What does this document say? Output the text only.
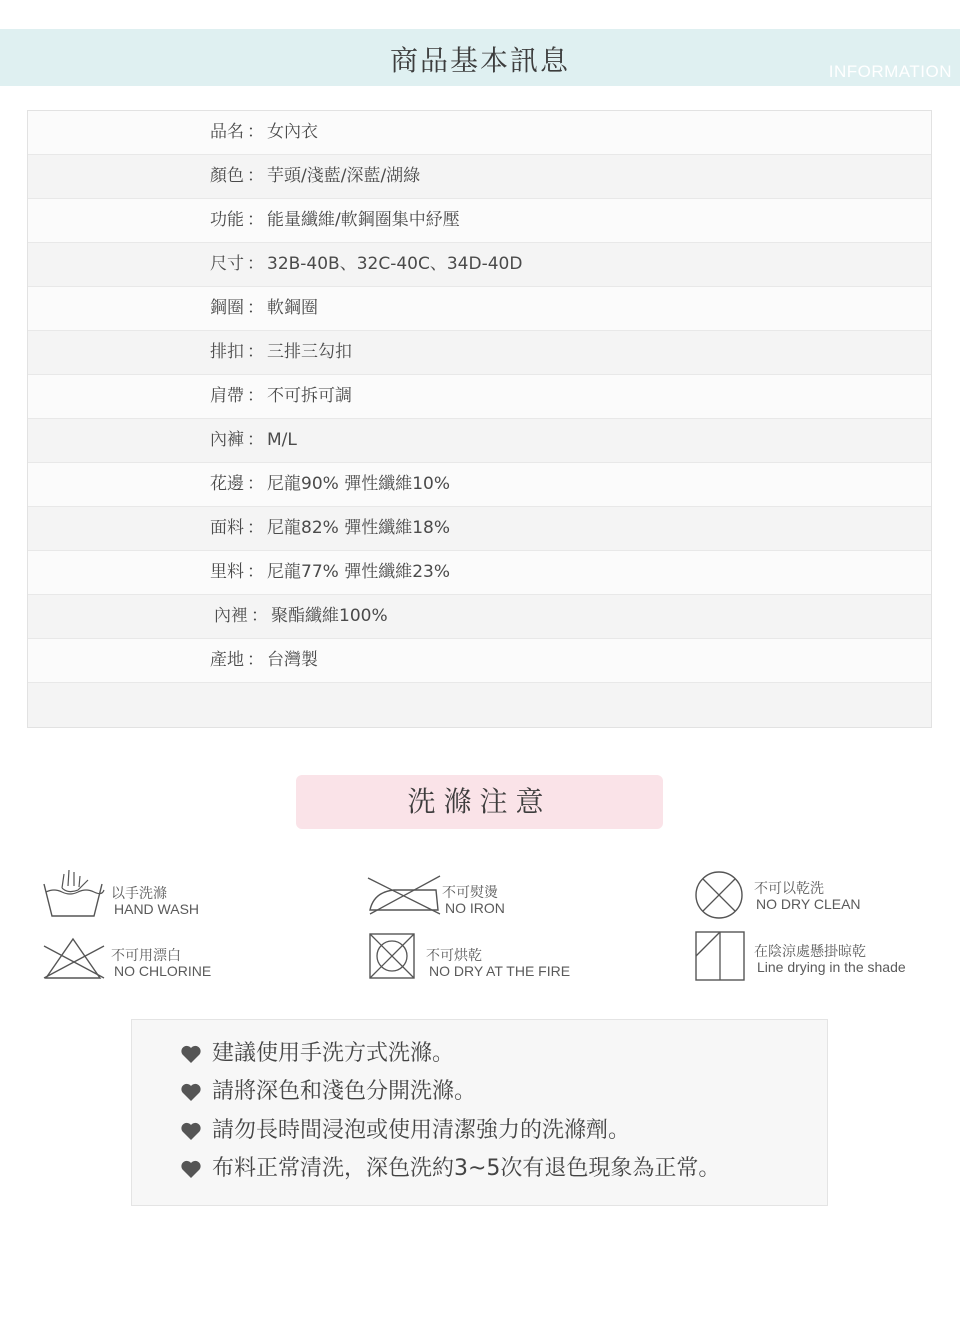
商品基本訊息	INFORMATION
品名 ： 女內衣
顏色 ： 芋頭/淺藍/深藍/湖綠
功能 ： 能量纖維/軟鋼圈集中紓壓
尺寸 ： 32B-40B、32C-40C、34D-40D
鋼圈 ： 軟鋼圈
排扣 ： 三排三勾扣
肩帶 ： 不可拆可調
內褲 ： M/L
花邊 ： 尼龍90% 彈性纖維10%
面料 ： 尼龍82% 彈性纖維18%
里料 ： 尼龍77% 彈性纖維23%
內裡 ： 聚酯纖維100%
產地 ： 台灣製
洗滌注意
以手洗滌
HAND WASH
不可用漂白
NO CHLORINE
不可熨燙
NO IRON
不可烘乾
NO DRY AT THE FIRE
不可以乾洗
NO DRY CLEAN
在陰涼處懸掛晾乾
Line drying in the shade
建議使用手洗方式洗滌。
請將深色和淺色分開洗滌。
請勿長時間浸泡或使用清潔強力的洗滌劑。
布料正常清洗，深色洗約3~5次有退色現象為正常。
